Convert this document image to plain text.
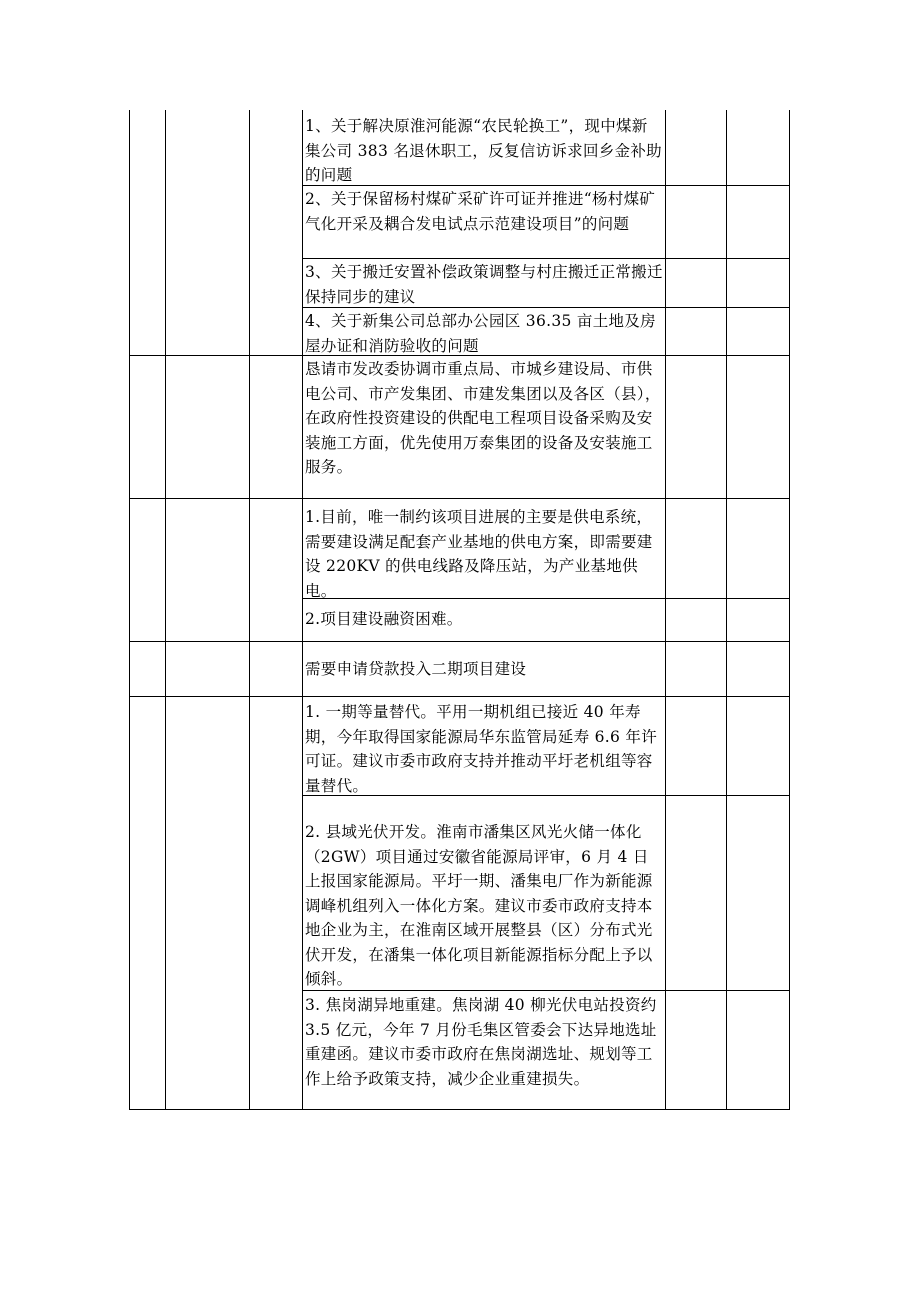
1、关于解决原淮河能源“农民轮换工”，现中煤新集公司 383 名退休职工，反复信访诉求回乡金补助的问题
2、关于保留杨村煤矿采矿许可证并推进“杨村煤矿气化开采及耦合发电试点示范建设项目”的问题
3、关于搬迁安置补偿政策调整与村庄搬迁正常搬迁保持同步的建议
4、关于新集公司总部办公园区 36.35 亩土地及房屋办证和消防验收的问题
恳请市发改委协调市重点局、市城乡建设局、市供电公司、市产发集团、市建发集团以及各区（县），在政府性投资建设的供配电工程项目设备采购及安装施工方面，优先使用万泰集团的设备及安装施工服务。
1.目前，唯一制约该项目进展的主要是供电系统，需要建设满足配套产业基地的供电方案，即需要建设 220KV 的供电线路及降压站，为产业基地供电。
2.项目建设融资困难。
需要申请贷款投入二期项目建设
1. 一期等量替代。平用一期机组已接近 40 年寿期，今年取得国家能源局华东监管局延寿 6.6 年许可证。建议市委市政府支持并推动平圩老机组等容量替代。
2. 县域光伏开发。淮南市潘集区风光火储一体化（2GW）项目通过安徽省能源局评审，6 月 4 日上报国家能源局。平圩一期、潘集电厂作为新能源调峰机组列入一体化方案。建议市委市政府支持本地企业为主，在淮南区域开展整县（区）分布式光伏开发，在潘集一体化项目新能源指标分配上予以倾斜。
3. 焦岗湖异地重建。焦岗湖 40 柳光伏电站投资约 3.5 亿元，今年 7 月份毛集区管委会下达异地选址重建函。建议市委市政府在焦岗湖选址、规划等工作上给予政策支持，减少企业重建损失。
